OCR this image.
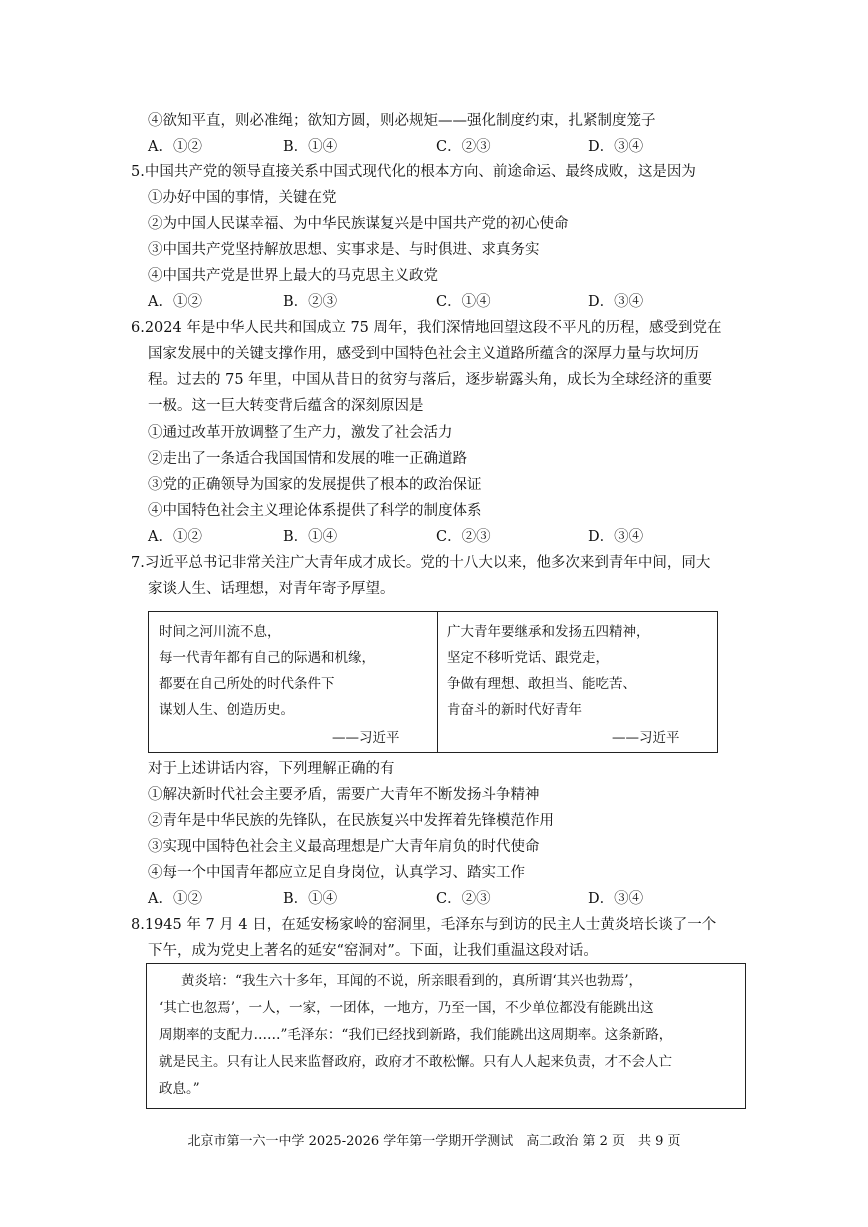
④欲知平直，则必准绳；欲知方圆，则必规矩——强化制度约束，扎紧制度笼子
A．①②	B．①④	C．②③	D．③④
5.中国共产党的领导直接关系中国式现代化的根本方向、前途命运、最终成败，这是因为
①办好中国的事情，关键在党
②为中国人民谋幸福、为中华民族谋复兴是中国共产党的初心使命
③中国共产党坚持解放思想、实事求是、与时俱进、求真务实
④中国共产党是世界上最大的马克思主义政党
A．①②	B．②③	C．①④	D．③④
6.2024 年是中华人民共和国成立 75 周年，我们深情地回望这段不平凡的历程，感受到党在
国家发展中的关键支撑作用，感受到中国特色社会主义道路所蕴含的深厚力量与坎坷历
程。过去的 75 年里，中国从昔日的贫穷与落后，逐步崭露头角，成长为全球经济的重要
一极。这一巨大转变背后蕴含的深刻原因是
①通过改革开放调整了生产力，激发了社会活力
②走出了一条适合我国国情和发展的唯一正确道路
③党的正确领导为国家的发展提供了根本的政治保证
④中国特色社会主义理论体系提供了科学的制度体系
A．①②	B．①④	C．②③	D．③④
7.习近平总书记非常关注广大青年成才成长。党的十八大以来，他多次来到青年中间，同大
家谈人生、话理想，对青年寄予厚望。
时间之河川流不息，
每一代青年都有自己的际遇和机缘，
都要在自己所处的时代条件下
谋划人生、创造历史。
——习近平
广大青年要继承和发扬五四精神，
坚定不移听党话、跟党走，
争做有理想、敢担当、能吃苦、
肯奋斗的新时代好青年
——习近平
对于上述讲话内容，下列理解正确的有
①解决新时代社会主要矛盾，需要广大青年不断发扬斗争精神
②青年是中华民族的先锋队，在民族复兴中发挥着先锋模范作用
③实现中国特色社会主义最高理想是广大青年肩负的时代使命
④每一个中国青年都应立足自身岗位，认真学习、踏实工作
A．①②	B．①④	C．②③	D．③④
8.1945 年 7 月 4 日，在延安杨家岭的窑洞里，毛泽东与到访的民主人士黄炎培长谈了一个
下午，成为党史上著名的延安“窑洞对”。下面，让我们重温这段对话。
黄炎培：“我生六十多年，耳闻的不说，所亲眼看到的，真所谓‘其兴也勃焉’，
‘其亡也忽焉’，一人，一家，一团体，一地方，乃至一国，不少单位都没有能跳出这
周期率的支配力……”毛泽东：“我们已经找到新路，我们能跳出这周期率。这条新路，
就是民主。只有让人民来监督政府，政府才不敢松懈。只有人人起来负责，才不会人亡
政息。”
北京市第一六一中学 2025-2026 学年第一学期开学测试　高二政治 第 2 页　共 9 页
